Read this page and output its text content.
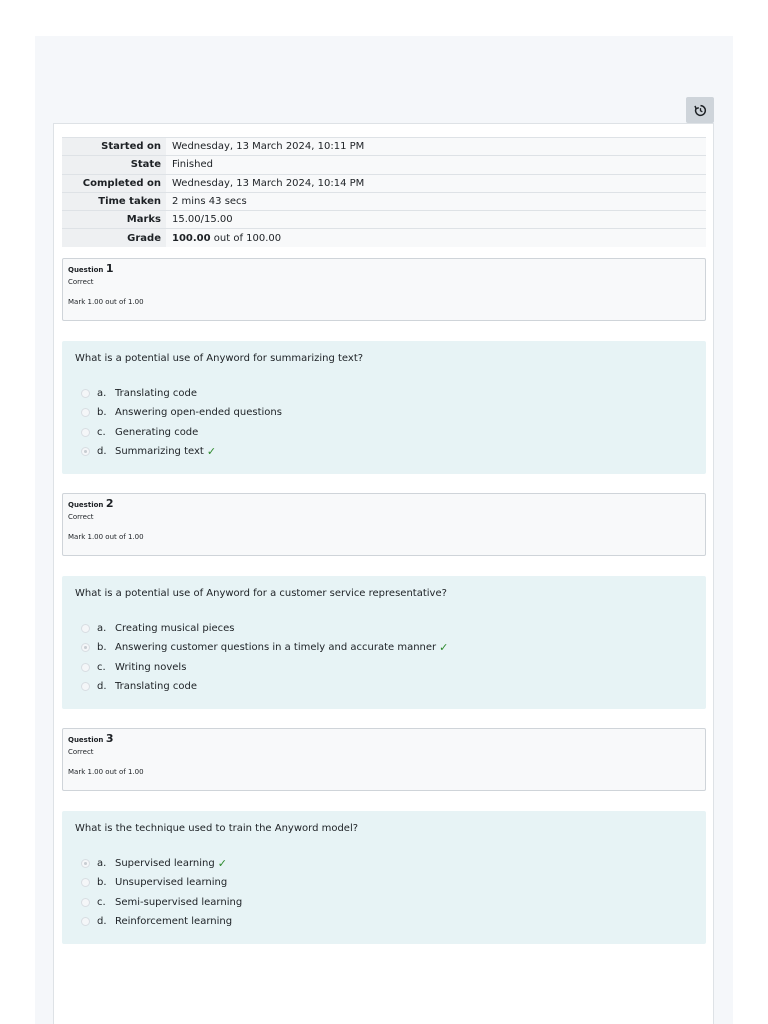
Started on	Wednesday, 13 March 2024, 10:11 PM
State	Finished
Completed on	Wednesday, 13 March 2024, 10:14 PM
Time taken	2 mins 43 secs
Marks	15.00/15.00
Grade	100.00 out of 100.00
Question 1
Correct
Mark 1.00 out of 1.00
What is a potential use of Anyword for summarizing text?
a. Translating code
b. Answering open-ended questions
c. Generating code
d. Summarizing text ✓
Question 2
Correct
Mark 1.00 out of 1.00
What is a potential use of Anyword for a customer service representative?
a. Creating musical pieces
b. Answering customer questions in a timely and accurate manner ✓
c. Writing novels
d. Translating code
Question 3
Correct
Mark 1.00 out of 1.00
What is the technique used to train the Anyword model?
a. Supervised learning ✓
b. Unsupervised learning
c. Semi-supervised learning
d. Reinforcement learning
